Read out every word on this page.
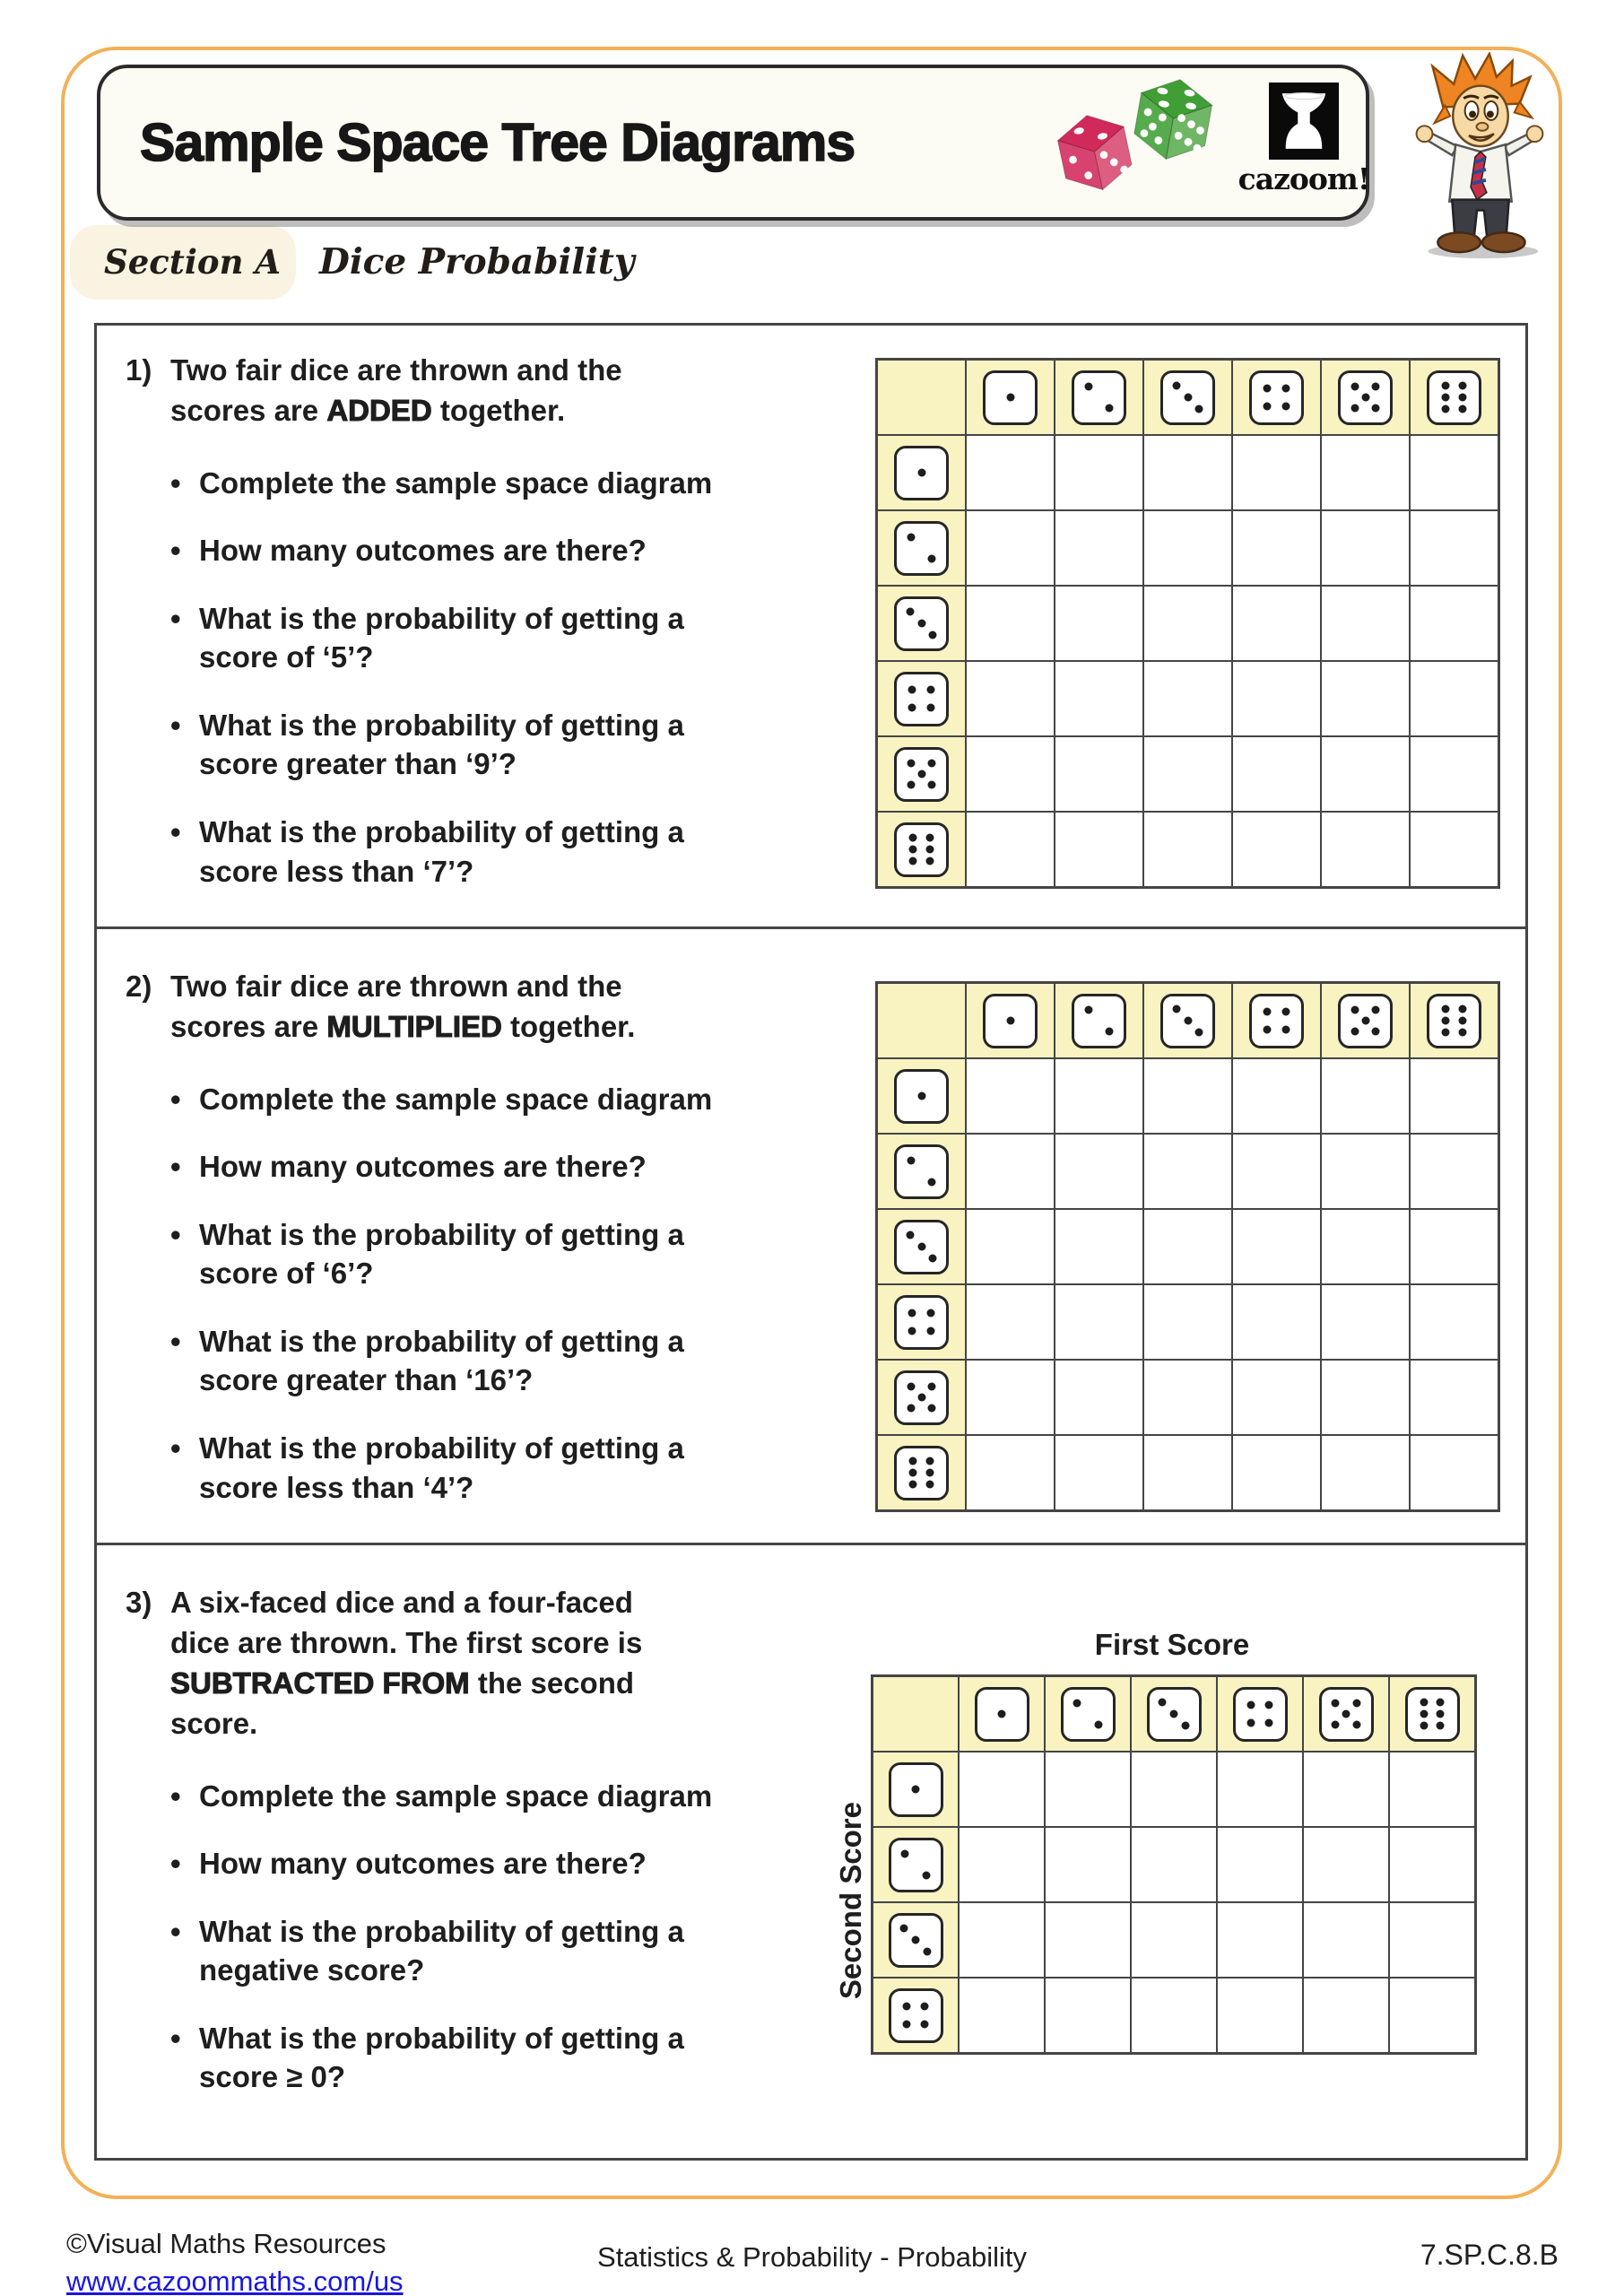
Sample Space Tree Diagrams
cazoom!
Section A	Dice Probability
1) Two fair dice are thrown and the scores are ADDED together.

• Complete the sample space diagram
• How many outcomes are there?
• What is the probability of getting a score of ‘5’?
• What is the probability of getting a score greater than ‘9’?
• What is the probability of getting a score less than ‘7’?

2) Two fair dice are thrown and the scores are MULTIPLIED together.

• Complete the sample space diagram
• How many outcomes are there?
• What is the probability of getting a score of ‘6’?
• What is the probability of getting a score greater than ‘16’?
• What is the probability of getting a score less than ‘4’?

3) A six-faced dice and a four-faced dice are thrown. The first score is SUBTRACTED FROM the second score.

• Complete the sample space diagram
• How many outcomes are there?
• What is the probability of getting a negative score?
• What is the probability of getting a score ≥ 0?
First Score
Second Score

©Visual Maths Resources
www.cazoommaths.com/us
Statistics & Probability - Probability	7.SP.C.8.B
